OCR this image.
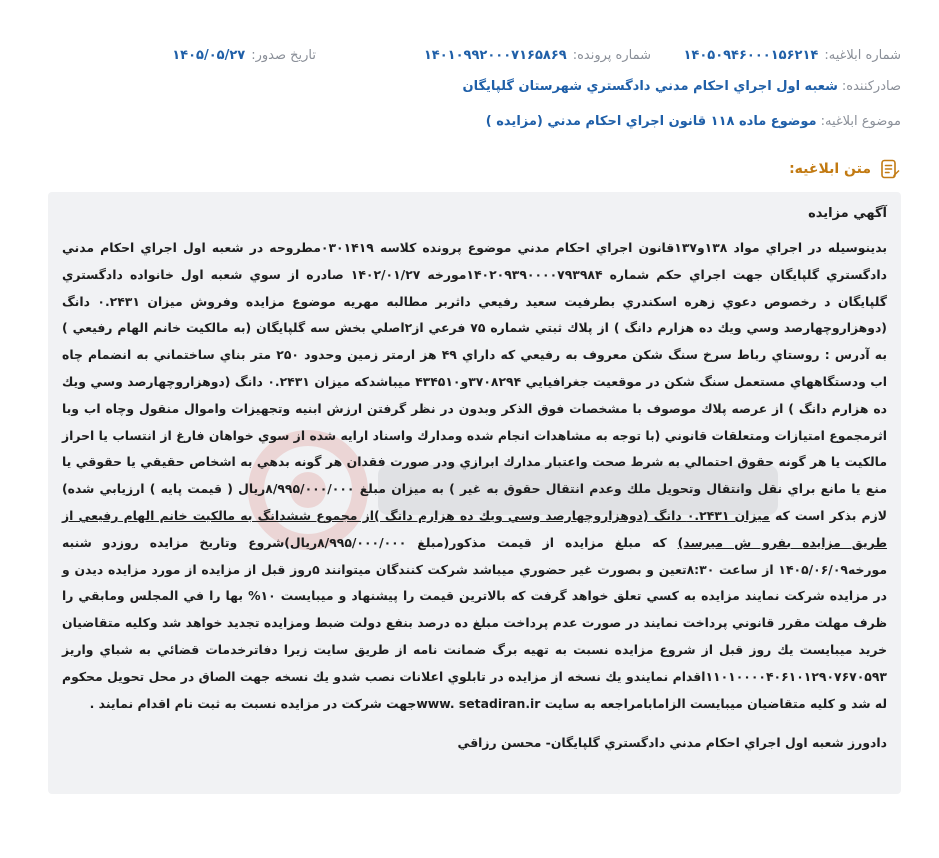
شماره ابلاغیه:
۱۴۰۵۰۹۴۶۰۰۰۱۵۶۲۱۴
شماره پرونده:
۱۴۰۱۰۹۹۲۰۰۰۷۱۶۵۸۶۹
تاریخ صدور:
۱۴۰۵/۰۵/۲۷
صادرکننده:
شعبه اول اجراي احكام مدني دادگستري شهرستان گلپايگان
موضوع ابلاغیه:
موضوع ماده ۱۱۸ قانون اجراي احكام مدني (مزايده )
متن ابلاغیه:
آگهي مزايده

بدينوسيله در اجراي مواد ۱۳۸و۱۳۷قانون اجراي احكام مدني موضوع پرونده كلاسه ۰۳۰۱۴۱۹مطروحه در شعبه اول اجراي احكام مدني دادگستري گلپايگان جهت اجراي حكم شماره ۱۴۰۲۰۹۳۹۰۰۰۰۷۹۳۹۸۴مورخه ۱۴۰۲/۰۱/۲۷ صادره از سوي شعبه اول خانواده دادگستري گلپايگان د رخصوص دعوي زهره اسكندري بطرفيت سعيد رفيعي داثربر مطالبه مهريه موضوع مزايده وفروش ميزان ۰.۲۴۳۱ دانگ (دوهزاروچهارصد وسي ويك ده هزارم دانگ ) از پلاك ثبتي شماره ۷۵ فرعي از۲اصلي بخش سه گلپايگان (به مالكيت خانم الهام رفيعي ) به آدرس : روستاي رباط سرخ سنگ شكن معروف به رفيعي كه داراي ۴۹ هز ارمتر زمين وحدود ۲۵۰ متر بناي ساختماني به انضمام چاه اب ودستگاههاي مستعمل سنگ شكن در موقعيت جغرافيايي ۳۷۰۸۲۹۴و۴۳۴۵۱۰ ميباشدكه ميزان ۰.۲۴۳۱ دانگ (دوهزاروچهارصد وسي ويك ده هزارم دانگ ) از عرصه پلاك موصوف با مشخصات فوق الذكر وبدون در نظر گرفتن ارزش ابنيه وتجهيزات واموال منقول وچاه اب وبا اثرمجموع امتيازات ومتعلقات قانوني (با توجه به مشاهدات انجام شده ومدارك واسناد ارايه شده از سوي خواهان فارغ از انتساب يا احراز مالكيت يا هر گونه حقوق احتمالي به شرط صحت واعتبار مدارك ابرازي ودر صورت فقدان هر گونه بدهي به اشخاص حقيقي يا حقوقي يا منع يا مانع براي نقل وانتقال وتحويل ملك وعدم انتقال حقوق به غير ) به ميزان مبلغ ۸/۹۹۵/۰۰۰/۰۰۰ريال ( قيمت پايه ) ارزيابي شده) لازم بذكر است كه ميزان ۰.۲۴۳۱ دانگ (دوهزاروچهارصد وسي ويك ده هزارم دانگ )از مجموع ششدانگ به مالكيت خانم الهام رفيعي از طريق مزايده بفرو ش ميرسد) كه مبلغ مزايده از قيمت مذكور(مبلغ ۸/۹۹۵/۰۰۰/۰۰۰ريال)شروع وتاريخ مزايده روزدو شنبه مورخه۱۴۰۵/۰۶/۰۹ از ساعت ۸:۳۰تعين و بصورت غير حضوري ميباشد شركت كنندگان ميتوانند ۵روز قبل از مزايده از مورد مزايده ديدن و در مزايده شركت نمايند مزايده به كسي تعلق خواهد گرفت كه بالاترين قيمت را پيشنهاد و ميبايست ۱۰% بها را في المجلس ومابقي را ظرف مهلت مقرر قانوني پرداخت نمايند در صورت عدم پرداخت مبلغ ده درصد بنفع دولت ضبط ومزايده تجديد خواهد شد وكليه متقاضيان خريد ميبايست يك روز قبل از شروع مزايده نسبت به تهيه برگ ضمانت نامه از طريق سايت زيرا دفاترخدمات قضائي به شباي واريز ۱۱۰۱۰۰۰۰۴۰۶۱۰۱۲۹۰۷۶۷۰۵۹۳اقدام نمايندو يك نسخه از مزايده در تابلوي اعلانات نصب شدو يك نسخه جهت الصاق در محل تحويل محكوم له شد و كليه متقاضيان ميبايست الزامابامراجعه به سايت www. setadiran.irجهت شركت در مزايده نسبت به ثبت نام اقدام نمايند .

دادورز شعبه اول اجراي احكام مدني دادگستري گلپايگان- محسن رزاقي
